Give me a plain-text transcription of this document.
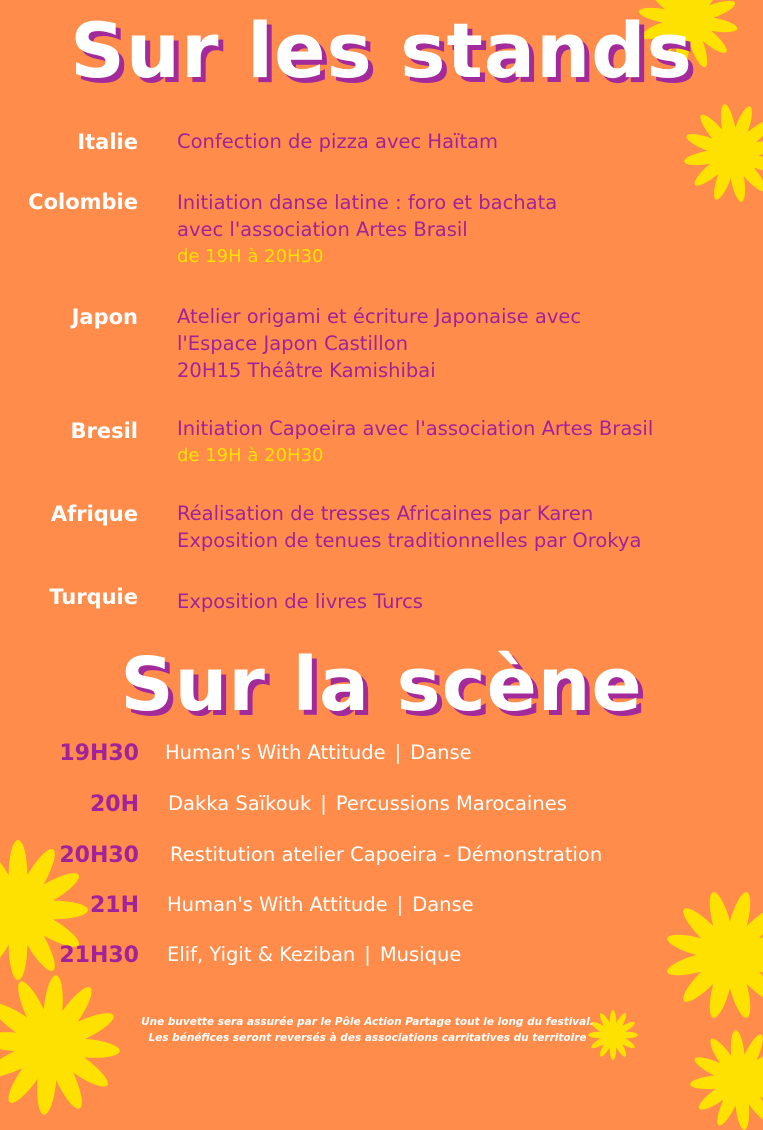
Sur les stands
Italie Confection de pizza avec Haïtam
Colombie Initiation danse latine : foro et bachata
avec l'association Artes Brasil
de 19H à 20H30
Japon Atelier origami et écriture Japonaise avec
l'Espace Japon Castillon
20H15 Théâtre Kamishibai
Bresil Initiation Capoeira avec l'association Artes Brasil
de 19H à 20H30
Afrique Réalisation de tresses Africaines par Karen
Exposition de tenues traditionnelles par Orokya
Turquie Exposition de livres Turcs
Sur la scène
19H30 Human's With Attitude | Danse
20H Dakka Saïkouk | Percussions Marocaines
20H30 Restitution atelier Capoeira - Démonstration
21H Human's With Attitude | Danse
21H30 Elif, Yigit & Keziban | Musique
Une buvette sera assurée par le Pôle Action Partage tout le long du festival.
Les bénéfices seront reversés à des associations carritatives du territoire
